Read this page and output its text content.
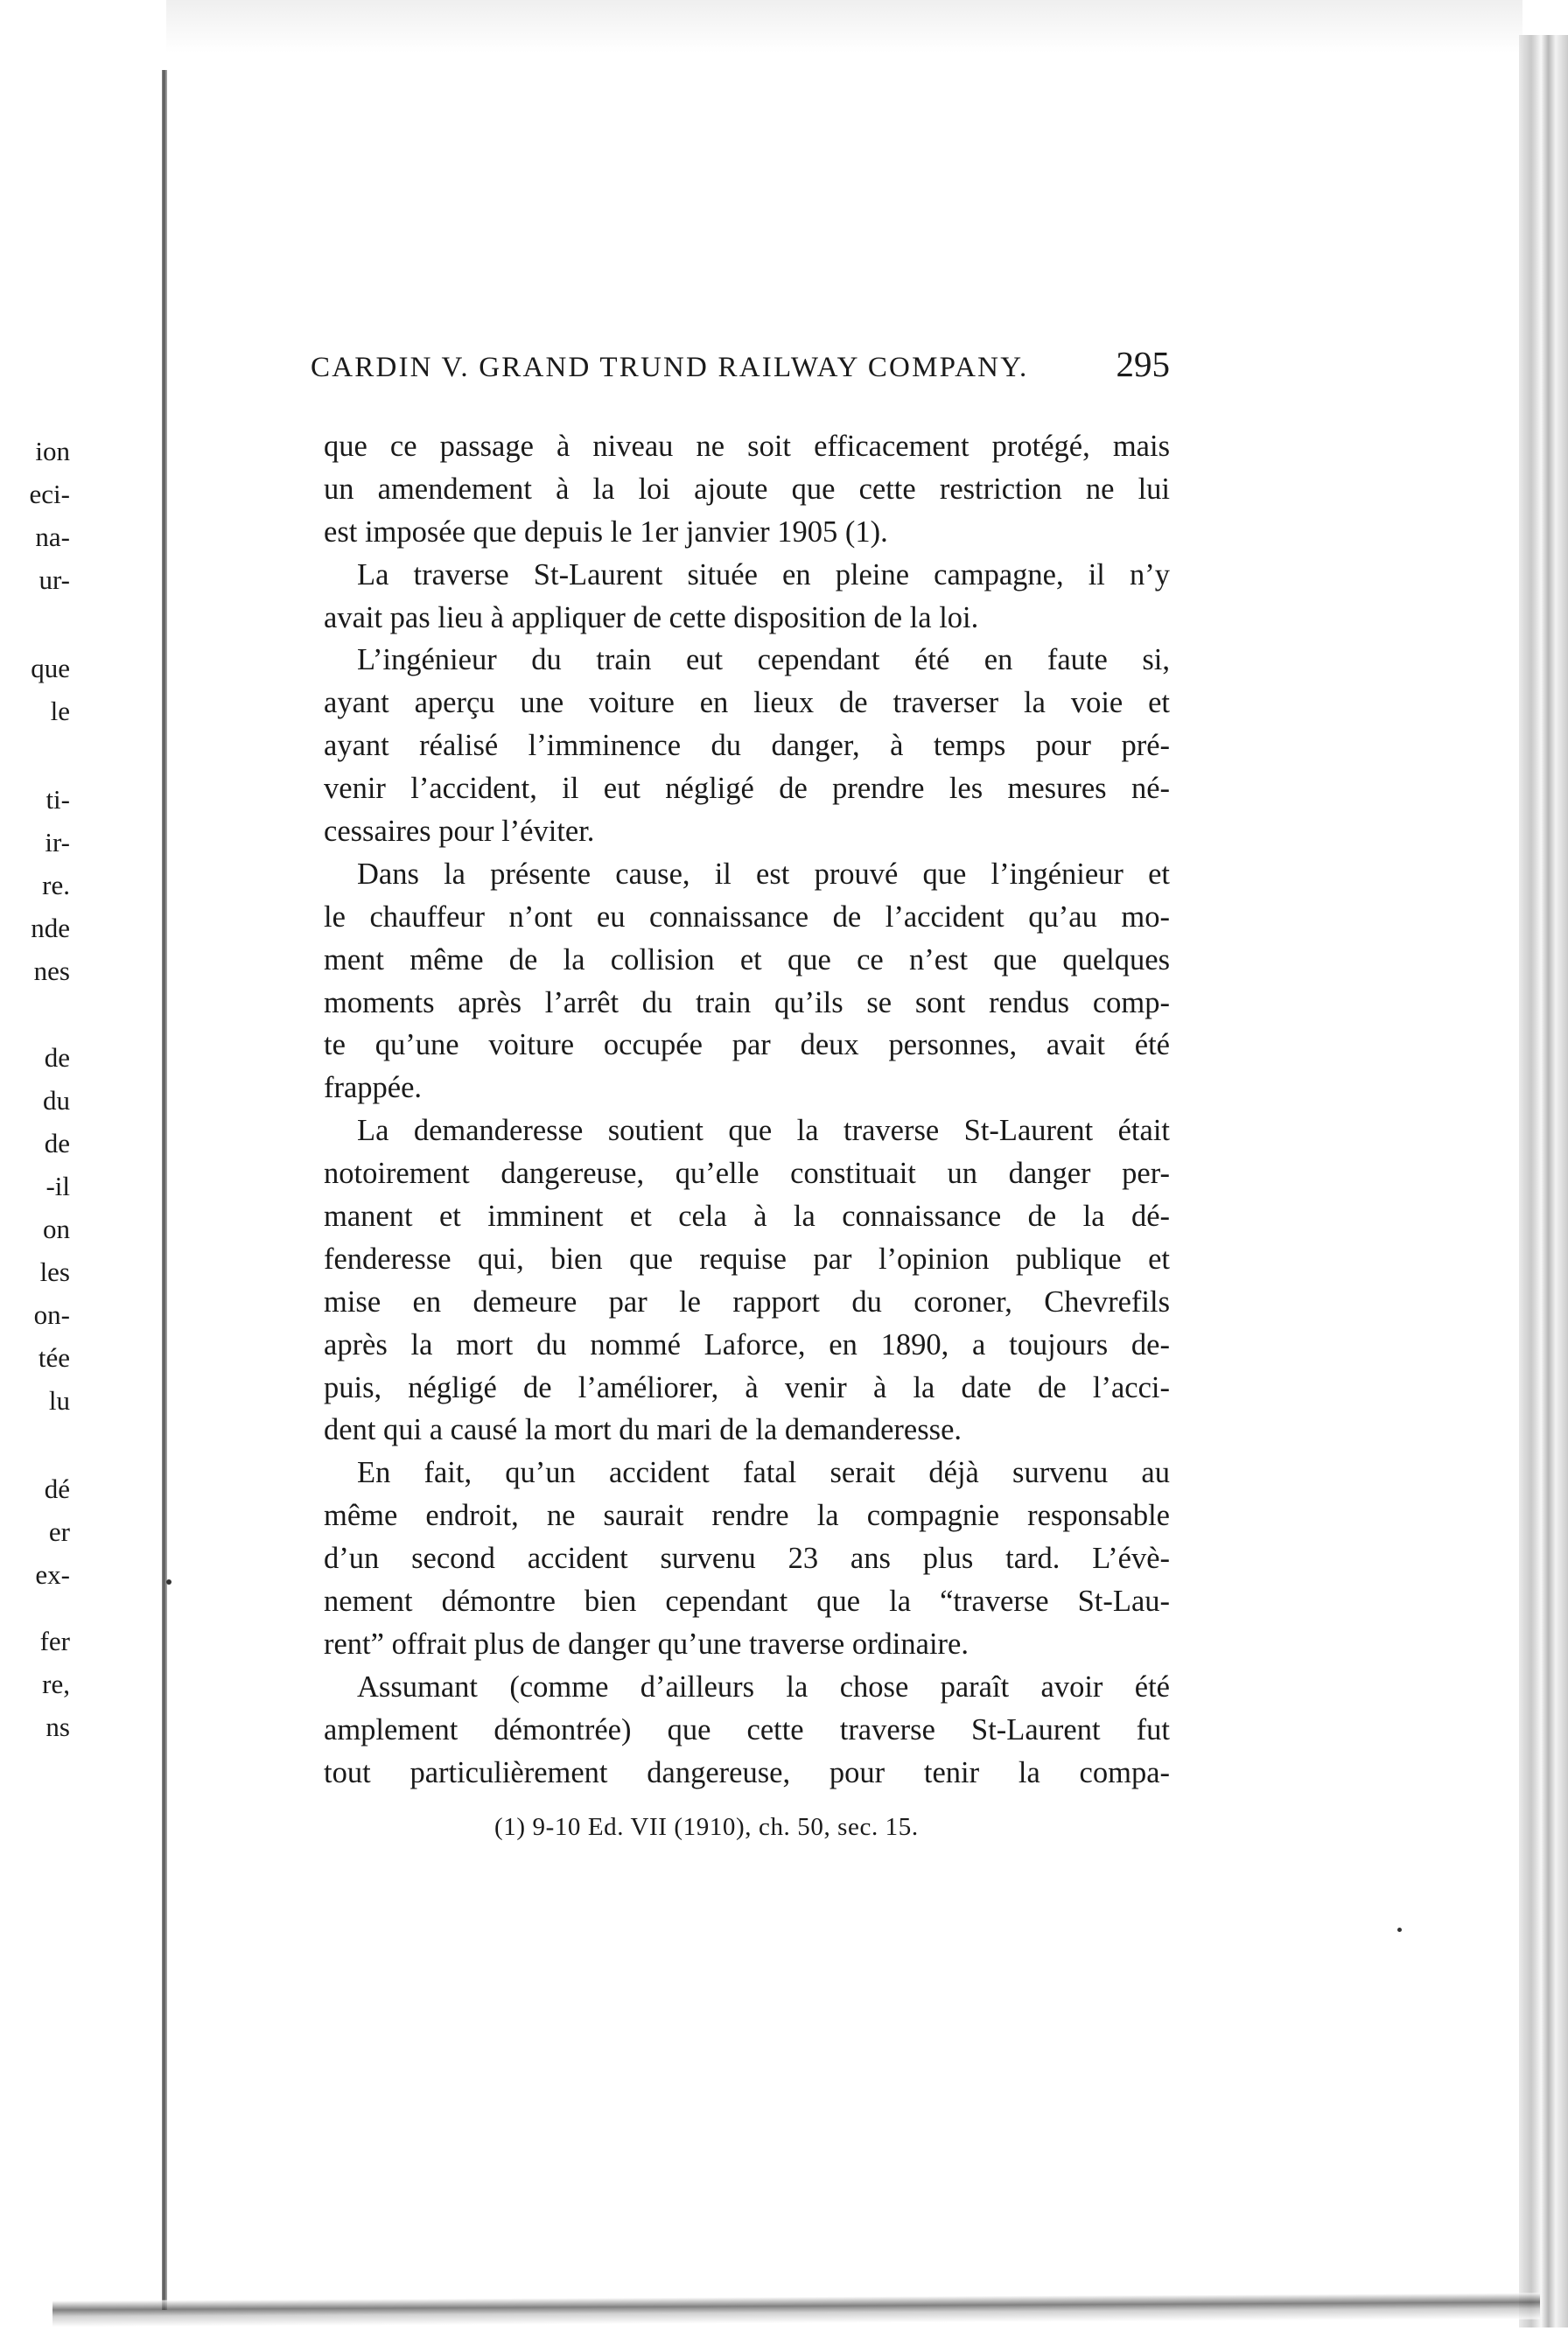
ion
eci-
na-
ur-
que
le
ti-
ir-
re.
nde
nes
de
du
de
-il
on
les
on-
tée
lu
dé
er
ex-
fer
re,
ns
CARDIN V. GRAND TRUND RAILWAY COMPANY. 295
que ce passage à niveau ne soit efficacement protégé, mais
un amendement à la loi ajoute que cette restriction ne lui
est imposée que depuis le 1er janvier 1905 (1).
La traverse St-Laurent située en pleine campagne, il n’y
avait pas lieu à appliquer de cette disposition de la loi.
L’ingénieur du train eut cependant été en faute si,
ayant aperçu une voiture en lieux de traverser la voie et
ayant réalisé l’imminence du danger, à temps pour pré-
venir l’accident, il eut négligé de prendre les mesures né-
cessaires pour l’éviter.
Dans la présente cause, il est prouvé que l’ingénieur et
le chauffeur n’ont eu connaissance de l’accident qu’au mo-
ment même de la collision et que ce n’est que quelques
moments après l’arrêt du train qu’ils se sont rendus comp-
te qu’une voiture occupée par deux personnes, avait été
frappée.
La demanderesse soutient que la traverse St-Laurent était
notoirement dangereuse, qu’elle constituait un danger per-
manent et imminent et cela à la connaissance de la dé-
fenderesse qui, bien que requise par l’opinion publique et
mise en demeure par le rapport du coroner, Chevrefils
après la mort du nommé Laforce, en 1890, a toujours de-
puis, négligé de l’améliorer, à venir à la date de l’acci-
dent qui a causé la mort du mari de la demanderesse.
En fait, qu’un accident fatal serait déjà survenu au
même endroit, ne saurait rendre la compagnie responsable
d’un second accident survenu 23 ans plus tard. L’évè-
nement démontre bien cependant que la “traverse St-Lau-
rent” offrait plus de danger qu’une traverse ordinaire.
Assumant (comme d’ailleurs la chose paraît avoir été
amplement démontrée) que cette traverse St-Laurent fut
tout particulièrement dangereuse, pour tenir la compa-
(1) 9-10 Ed. VII (1910), ch. 50, sec. 15.
